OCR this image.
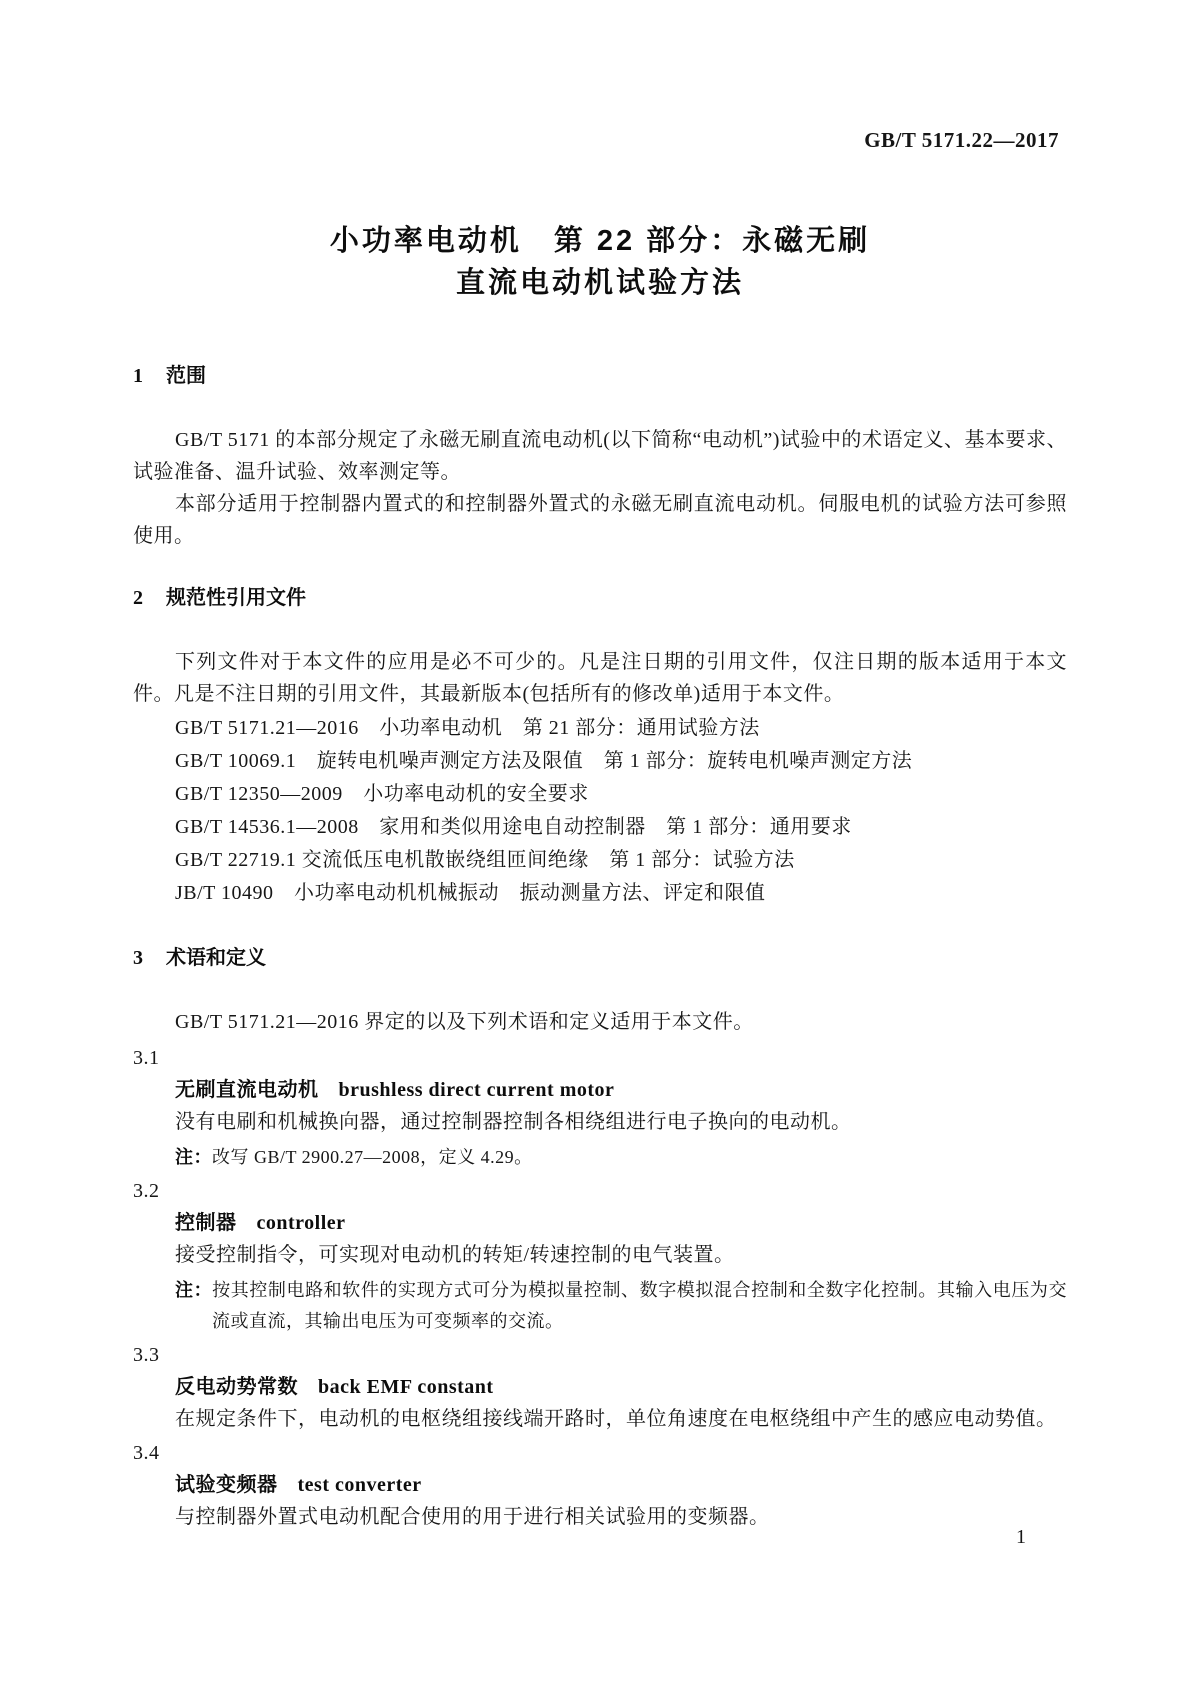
GB/T 5171.22—2017
小功率电动机　第 22 部分：永磁无刷
直流电动机试验方法
1 范围

GB/T 5171 的本部分规定了永磁无刷直流电动机(以下简称“电动机”)试验中的术语定义、基本要求、试验准备、温升试验、效率测定等。

本部分适用于控制器内置式的和控制器外置式的永磁无刷直流电动机。伺服电机的试验方法可参照使用。

2 规范性引用文件

下列文件对于本文件的应用是必不可少的。凡是注日期的引用文件，仅注日期的版本适用于本文件。凡是不注日期的引用文件，其最新版本(包括所有的修改单)适用于本文件。

GB/T 5171.21—2016　小功率电动机　第 21 部分：通用试验方法
GB/T 10069.1　旋转电机噪声测定方法及限值　第 1 部分：旋转电机噪声测定方法
GB/T 12350—2009　小功率电动机的安全要求
GB/T 14536.1—2008　家用和类似用途电自动控制器　第 1 部分：通用要求
GB/T 22719.1 交流低压电机散嵌绕组匝间绝缘　第 1 部分：试验方法
JB/T 10490　小功率电动机机械振动　振动测量方法、评定和限值
3 术语和定义

GB/T 5171.21—2016 界定的以及下列术语和定义适用于本文件。

3.1
无刷直流电动机 brushless direct current motor
没有电刷和机械换向器，通过控制器控制各相绕组进行电子换向的电动机。
注：改写 GB/T 2900.27—2008，定义 4.29。
3.2
控制器 controller
接受控制指令，可实现对电动机的转矩/转速控制的电气装置。
注：按其控制电路和软件的实现方式可分为模拟量控制、数字模拟混合控制和全数字化控制。其输入电压为交流或直流，其输出电压为可变频率的交流。
3.3
反电动势常数 back EMF constant
在规定条件下，电动机的电枢绕组接线端开路时，单位角速度在电枢绕组中产生的感应电动势值。
3.4
试验变频器 test converter
与控制器外置式电动机配合使用的用于进行相关试验用的变频器。
1
